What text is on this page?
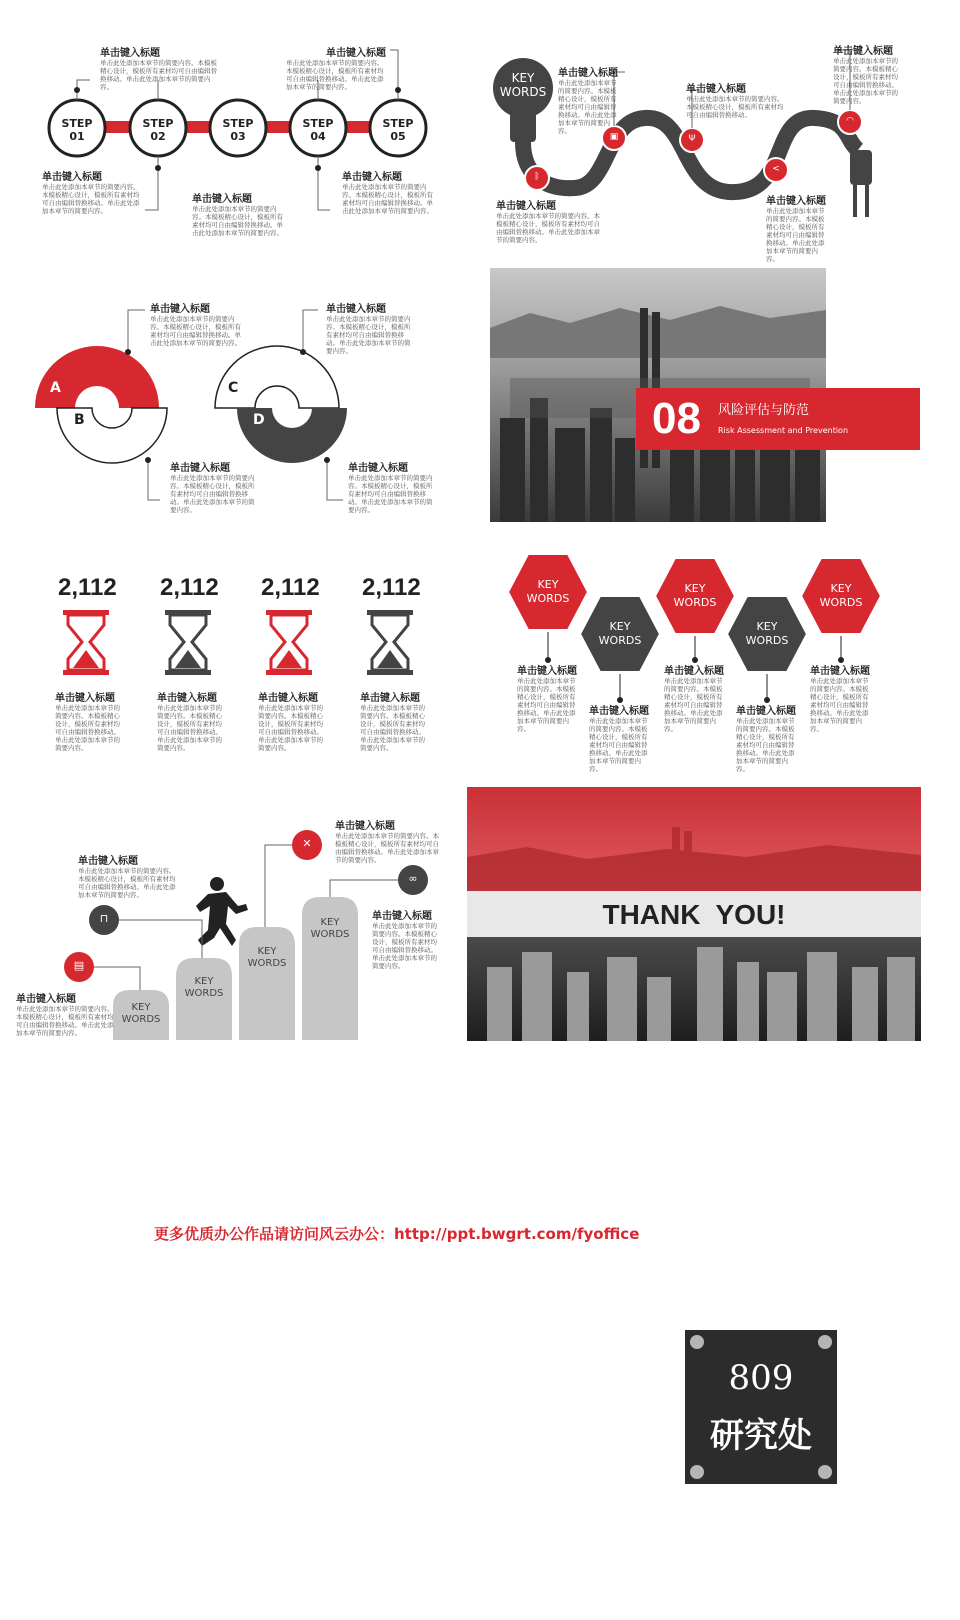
STEP
01
STEP
02
STEP
03
STEP
04
STEP
05
单击键入标题
单击此处添加本章节的简要内容。本模板精心设计，模板所有素材均可自由编辑替换移动。单击此处添加本章节的简要内容。
单击键入标题
单击此处添加本章节的简要内容。本模板精心设计，模板所有素材均可自由编辑替换移动。单击此处添加本章节的简要内容。
单击键入标题
单击此处添加本章节的简要内容。本模板精心设计，模板所有素材均可自由编辑替换移动。单击此处添加本章节的简要内容。
单击键入标题
单击此处添加本章节的简要内容。本模板精心设计，模板所有素材均可自由编辑替换移动。单击此处添加本章节的简要内容。
单击键入标题
单击此处添加本章节的简要内容。本模板精心设计，模板所有素材均可自由编辑替换移动。单击此处添加本章节的简要内容。
KEY
WORDS
ᛒ
▣	Ψ
<
◠
单击键入标题
单击此处添加本章节的简要内容。本模板精心设计，模板所有素材均可自由编辑替换移动。单击此处添加本章节的简要内容。
单击键入标题
单击此处添加本章节的简要内容。本模板精心设计，模板所有素材均可自由编辑替换移动。
单击键入标题
单击此处添加本章节的简要内容。本模板精心设计，模板所有素材均可自由编辑替换移动。单击此处添加本章节的简要内容。
单击键入标题
单击此处添加本章节的简要内容。本模板精心设计，模板所有素材均可自由编辑替换移动。单击此处添加本章节的简要内容。
单击键入标题
单击此处添加本章节的简要内容。本模板精心设计，模板所有素材均可自由编辑替换移动。单击此处添加本章节的简要内容。
A
B
C
D
单击键入标题
单击此处添加本章节的简要内容。本模板精心设计，模板所有素材均可自由编辑替换移动。单击此处添加本章节的简要内容。
单击键入标题
单击此处添加本章节的简要内容。本模板精心设计，模板所有素材均可自由编辑替换移动。单击此处添加本章节的简要内容。
单击键入标题
单击此处添加本章节的简要内容。本模板精心设计，模板所有素材均可自由编辑替换移动。单击此处添加本章节的简要内容。
单击键入标题
单击此处添加本章节的简要内容。本模板精心设计，模板所有素材均可自由编辑替换移动。单击此处添加本章节的简要内容。
08 风险评估与防范
Risk Assessment and Prevention
2,112 2,112 2,112 2,112
单击键入标题
单击此处添加本章节的简要内容。本模板精心设计，模板所有素材均可自由编辑替换移动。单击此处添加本章节的简要内容。
单击键入标题
单击此处添加本章节的简要内容。本模板精心设计，模板所有素材均可自由编辑替换移动。单击此处添加本章节的简要内容。
单击键入标题
单击此处添加本章节的简要内容。本模板精心设计，模板所有素材均可自由编辑替换移动。单击此处添加本章节的简要内容。
单击键入标题
单击此处添加本章节的简要内容。本模板精心设计，模板所有素材均可自由编辑替换移动。单击此处添加本章节的简要内容。
KEY
WORDS
KEY
WORDS
KEY
WORDS
KEY
WORDS
KEY
WORDS
单击键入标题
单击此处添加本章节的简要内容。本模板精心设计，模板所有素材均可自由编辑替换移动。单击此处添加本章节的简要内容。
单击键入标题
单击此处添加本章节的简要内容。本模板精心设计，模板所有素材均可自由编辑替换移动。单击此处添加本章节的简要内容。
单击键入标题
单击此处添加本章节的简要内容。本模板精心设计，模板所有素材均可自由编辑替换移动。单击此处添加本章节的简要内容。
单击键入标题
单击此处添加本章节的简要内容。本模板精心设计，模板所有素材均可自由编辑替换移动。单击此处添加本章节的简要内容。
单击键入标题
单击此处添加本章节的简要内容。本模板精心设计，模板所有素材均可自由编辑替换移动。单击此处添加本章节的简要内容。
▤
⊓
✕
∞
KEY
WORDS
KEY
WORDS
KEY
WORDS
KEY
WORDS
单击键入标题
单击此处添加本章节的简要内容。本模板精心设计，模板所有素材均可自由编辑替换移动。单击此处添加本章节的简要内容。
单击键入标题
单击此处添加本章节的简要内容。本模板精心设计，模板所有素材均可自由编辑替换移动。单击此处添加本章节的简要内容。
单击键入标题
单击此处添加本章节的简要内容。本模板精心设计，模板所有素材均可自由编辑替换移动。单击此处添加本章节的简要内容。
单击键入标题
单击此处添加本章节的简要内容。本模板精心设计，模板所有素材均可自由编辑替换移动。单击此处添加本章节的简要内容。
THANK  YOU!
更多优质办公作品请访问风云办公：http://ppt.bwgrt.com/fyoffice
809
研究处
